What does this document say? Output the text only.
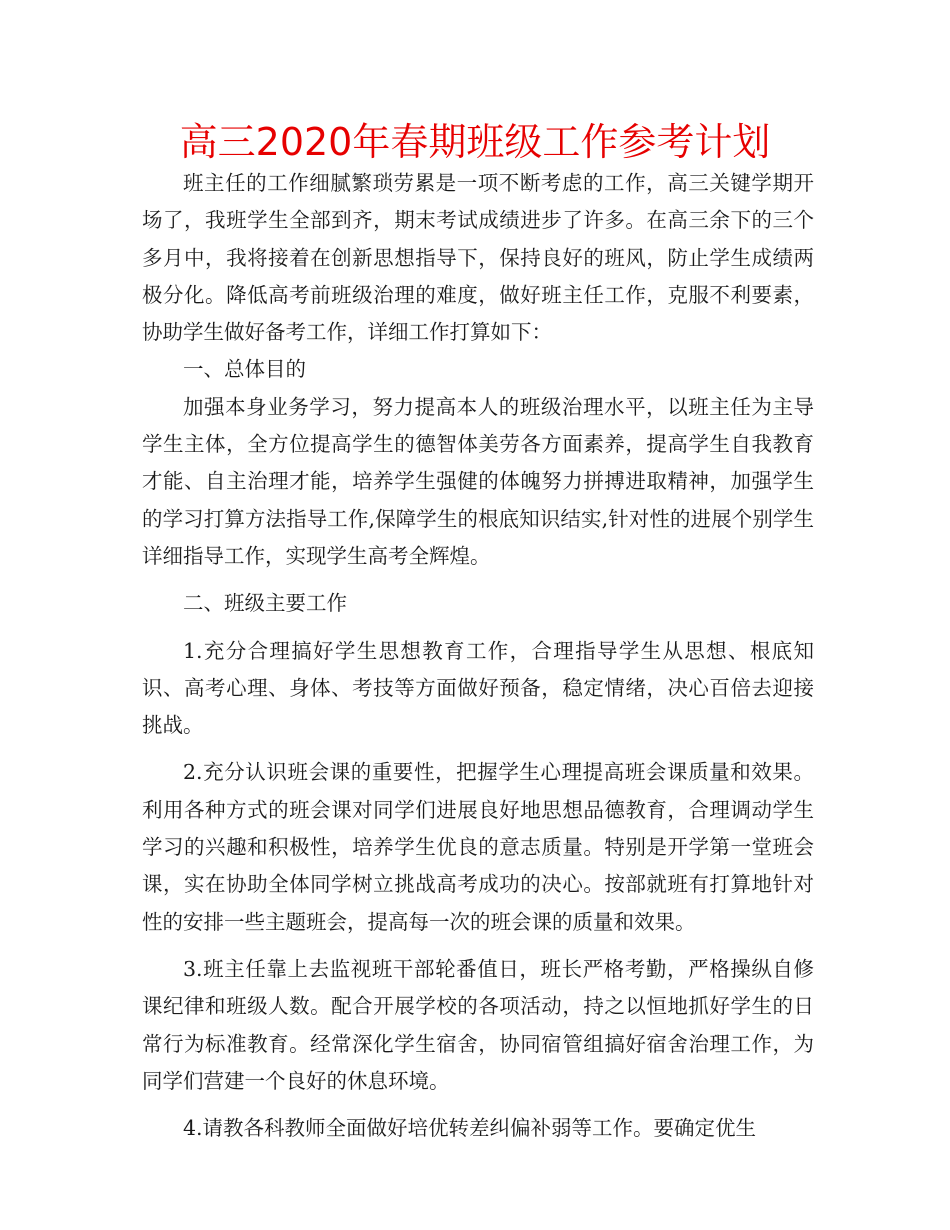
高三2020年春期班级工作参考计划

班主任的工作细腻繁琐劳累是一项不断考虑的工作，高三关键学期开场了，我班学生全部到齐，期末考试成绩进步了许多。在高三余下的三个多月中，我将接着在创新思想指导下，保持良好的班风，防止学生成绩两极分化。降低高考前班级治理的难度，做好班主任工作，克服不利要素，协助学生做好备考工作，详细工作打算如下：

一、总体目的

加强本身业务学习，努力提高本人的班级治理水平，以班主任为主导学生主体，全方位提高学生的德智体美劳各方面素养，提高学生自我教育才能、自主治理才能，培养学生强健的体魄努力拼搏进取精神，加强学生的学习打算方法指导工作,保障学生的根底知识结实,针对性的进展个别学生详细指导工作，实现学生高考全辉煌。

二、班级主要工作

1.充分合理搞好学生思想教育工作，合理指导学生从思想、根底知识、高考心理、身体、考技等方面做好预备，稳定情绪，决心百倍去迎接挑战。

2.充分认识班会课的重要性，把握学生心理提高班会课质量和效果。利用各种方式的班会课对同学们进展良好地思想品德教育，合理调动学生学习的兴趣和积极性，培养学生优良的意志质量。特别是开学第一堂班会课，实在协助全体同学树立挑战高考成功的决心。按部就班有打算地针对性的安排一些主题班会，提高每一次的班会课的质量和效果。

3.班主任靠上去监视班干部轮番值日，班长严格考勤，严格操纵自修课纪律和班级人数。配合开展学校的各项活动，持之以恒地抓好学生的日常行为标准教育。经常深化学生宿舍，协同宿管组搞好宿舍治理工作，为同学们营建一个良好的休息环境。

4.请教各科教师全面做好培优转差纠偏补弱等工作。要确定优生
